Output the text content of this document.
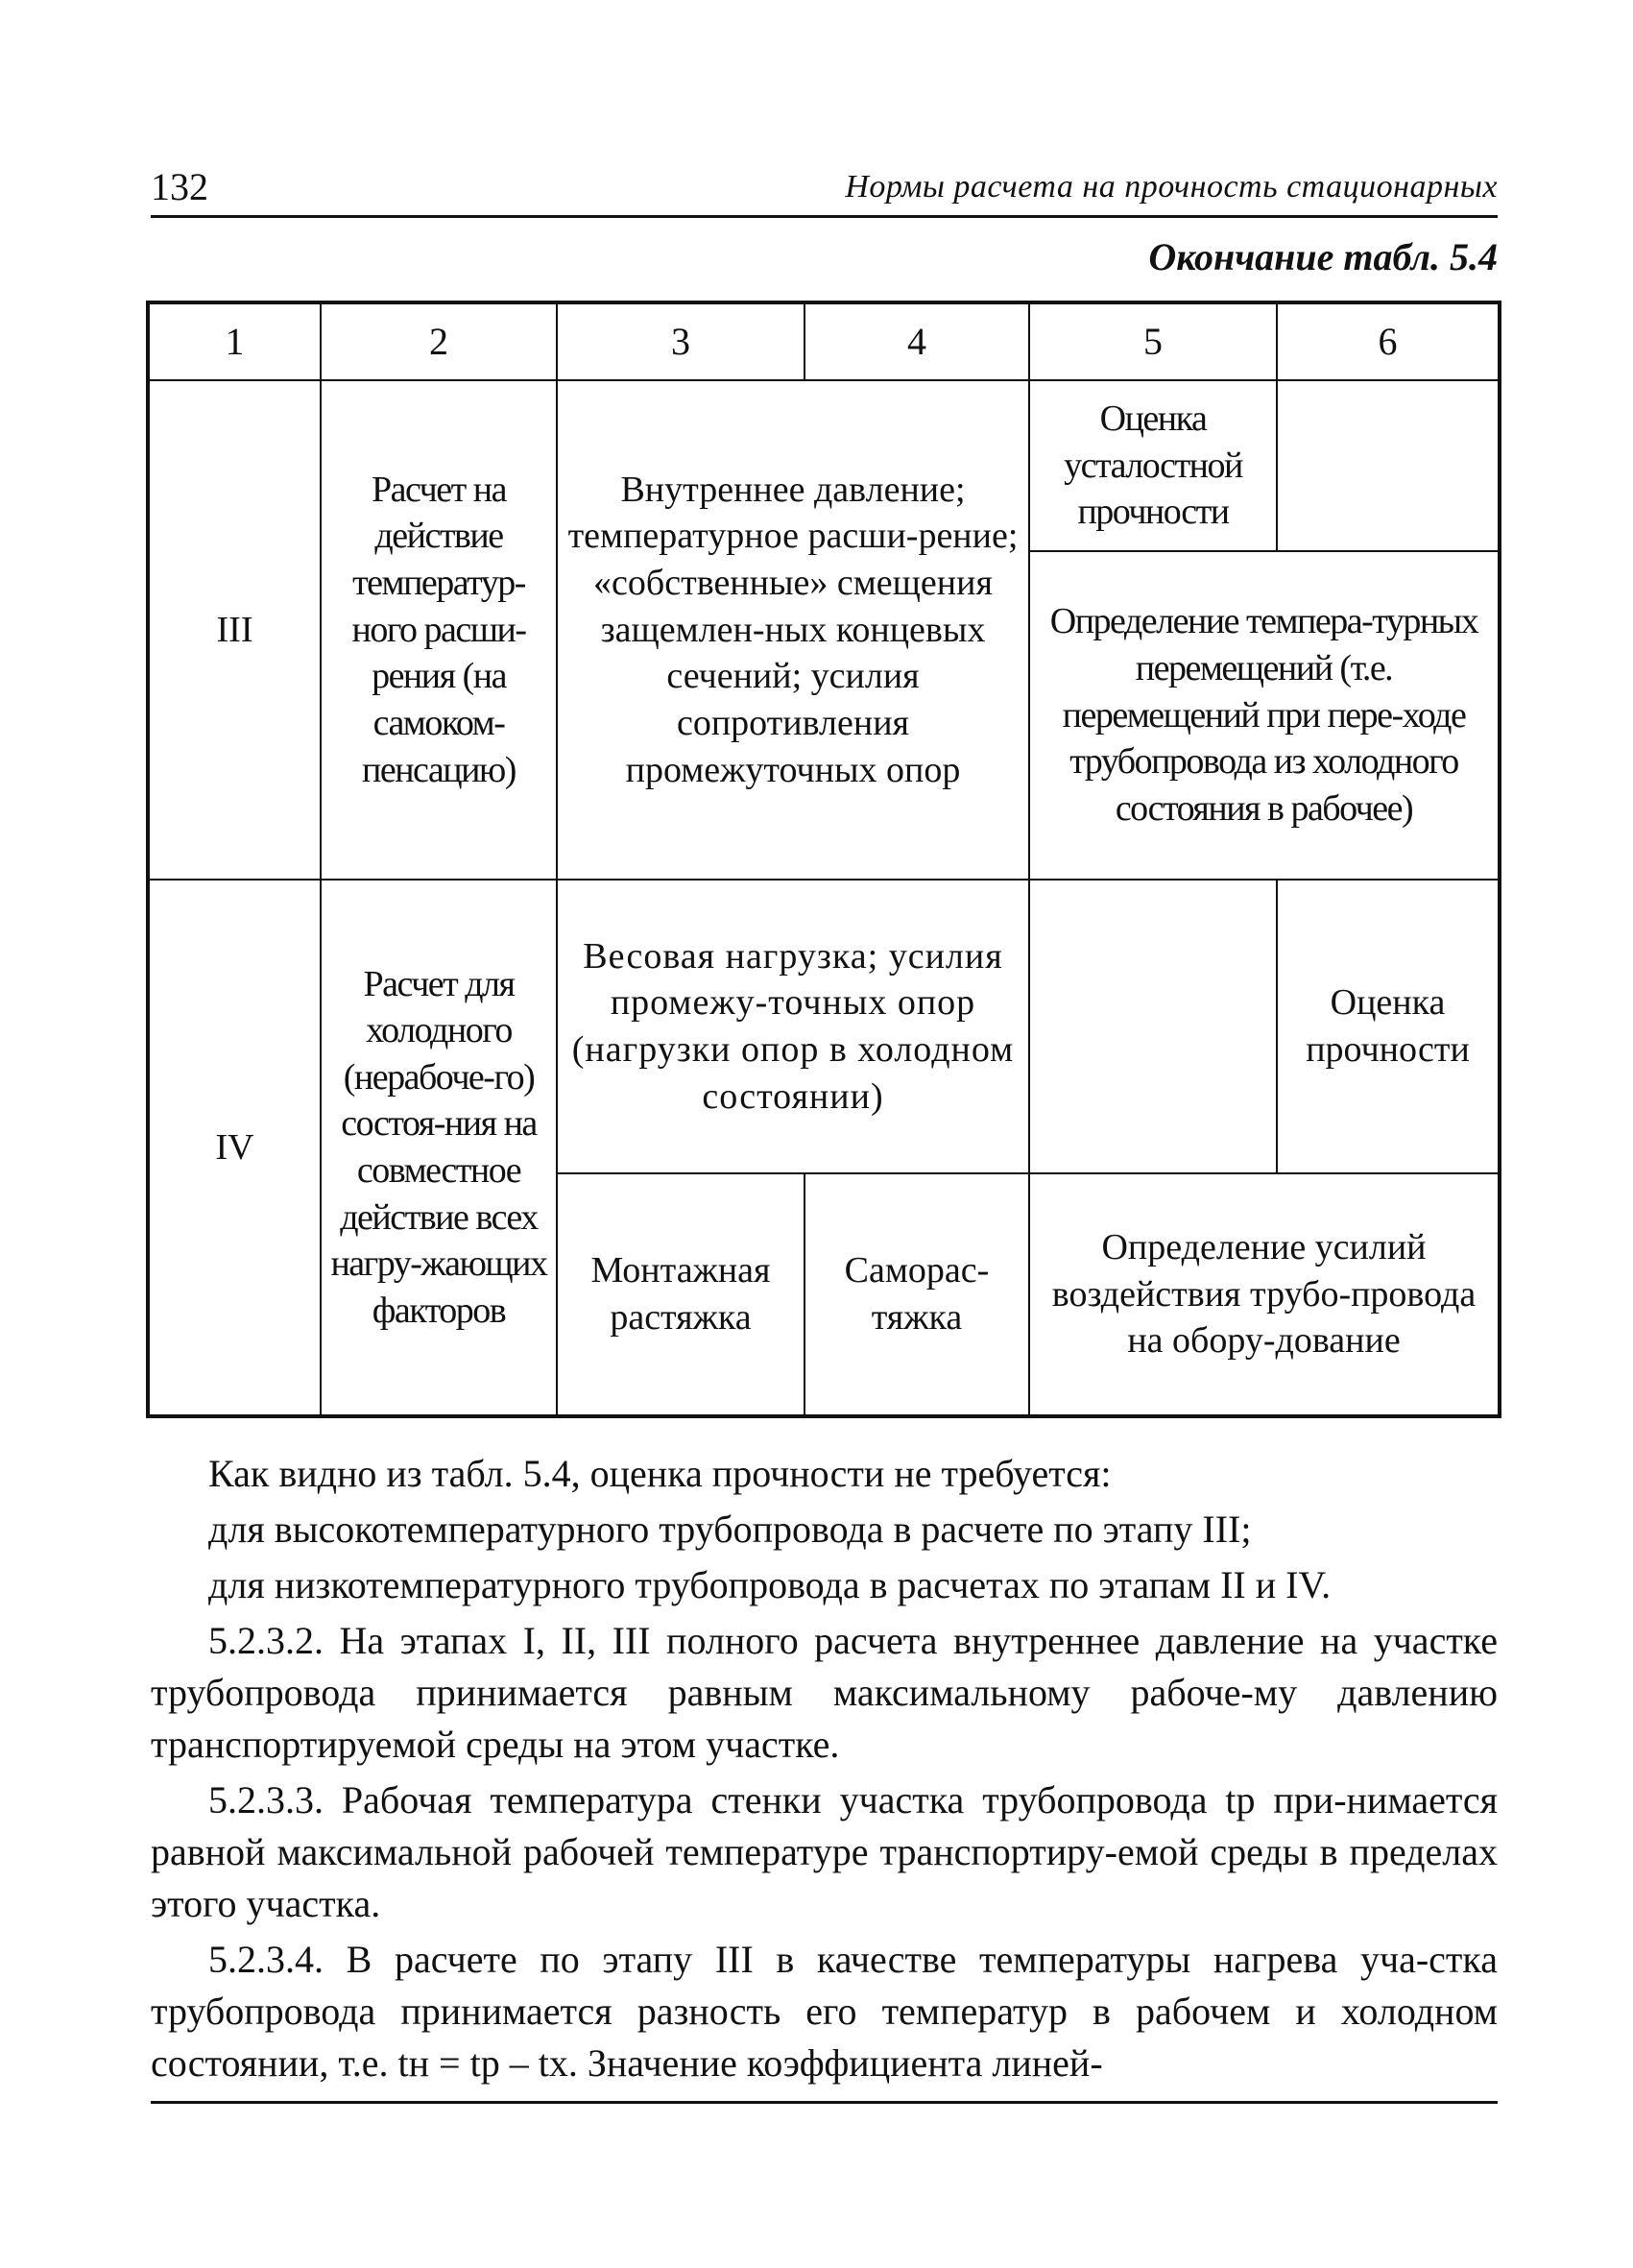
132	Нормы расчета на прочность стационарных
Окончание табл. 5.4
1	2	3	4	5	6
III	Расчет на действие температур-ного расши-рения (на самоком-пенсацию)	Внутреннее давление; температурное расши-рение; «собственные» смещения защемлен-ных концевых сечений; усилия сопротивления промежуточных опор		Оценка усталостной прочности	
				Определение темпера-турных перемещений (т.е. перемещений при пере-ходе трубопровода из холодного состояния в рабочее)	
IV	Расчет для холодного (нерабоче-го) состоя-ния на совместное действие всех нагру-жающих факторов	Весовая нагрузка; усилия промежу-точных опор (нагрузки опор в холодном состоянии)			Оценка прочности
		Монтажная растяжка	Саморас-тяжка	Определение усилий воздействия трубо-провода на обору-дование	

Как видно из табл. 5.4, оценка прочности не требуется:

для высокотемпературного трубопровода в расчете по этапу III;

для низкотемпературного трубопровода в расчетах по этапам II и IV.

5.2.3.2. На этапах I, II, III полного расчета внутреннее давление на участке трубопровода принимается равным максимальному рабоче-му давлению транспортируемой среды на этом участке.

5.2.3.3. Рабочая температура стенки участка трубопровода tр при-нимается равной максимальной рабочей температуре транспортиру-емой среды в пределах этого участка.

5.2.3.4. В расчете по этапу III в качестве температуры нагрева уча-стка трубопровода принимается разность его температур в рабочем и холодном состоянии, т.е. tн = tр – tх. Значение коэффициента линей-
